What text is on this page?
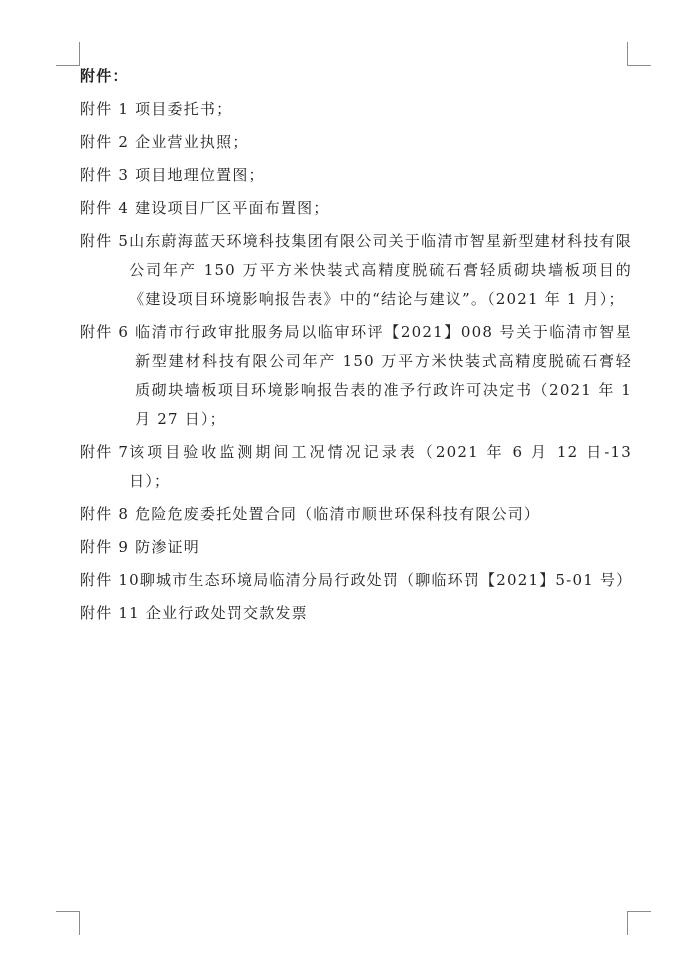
附件：
附件 1 项目委托书；
附件 2 企业营业执照；
附件 3 项目地理位置图；
附件 4 建设项目厂区平面布置图；
附件 5 山东蔚海蓝天环境科技集团有限公司关于临清市智星新型建材科技有限公司年产 150 万平方米快装式高精度脱硫石膏轻质砌块墙板项目的《建设项目环境影响报告表》中的“结论与建议”。（2021 年 1 月）；
附件 6 临清市行政审批服务局以临审环评【2021】008 号关于临清市智星新型建材科技有限公司年产 150 万平方米快装式高精度脱硫石膏轻质砌块墙板项目环境影响报告表的准予行政许可决定书（2021 年 1 月 27 日）；
附件 7 该项目验收监测期间工况情况记录表（2021 年 6 月 12 日-13 日）；
附件 8 危险危废委托处置合同（临清市顺世环保科技有限公司）
附件 9 防渗证明
附件 10 聊城市生态环境局临清分局行政处罚（聊临环罚【2021】5-01 号）
附件 11 企业行政处罚交款发票
